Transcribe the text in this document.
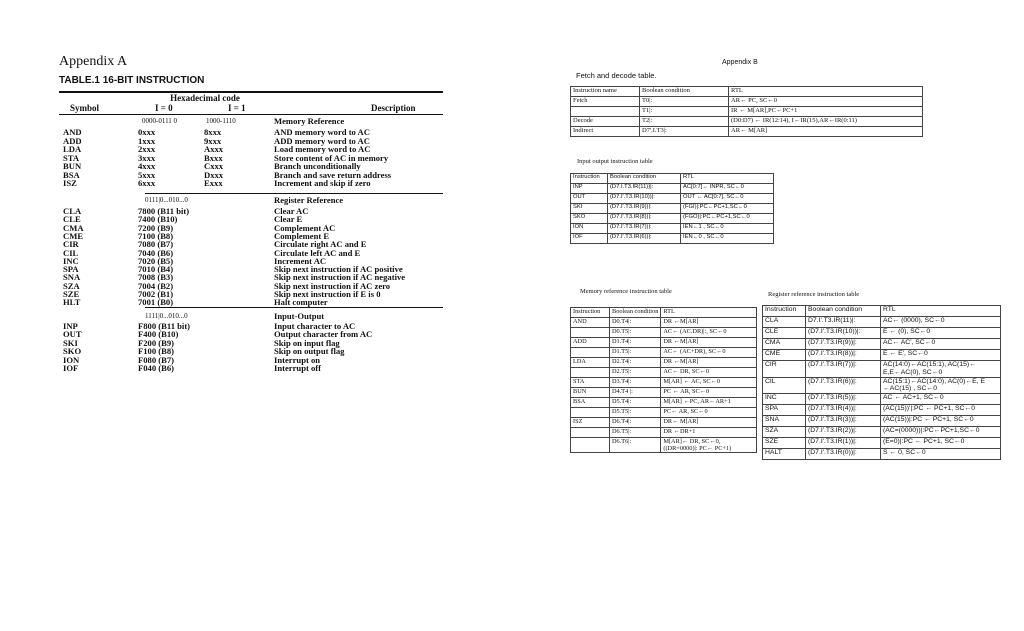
Appendix A
TABLE.1 16-BIT INSTRUCTION
Hexadecimal code
Symbol	I = 0	I = 1	Description
0000-0111 0	1000-1110	Memory Reference
AND	0xxx	8xxx	AND memory word to AC
ADD	1xxx	9xxx	ADD memory word to AC
LDA	2xxx	Axxx	Load memory word to AC
STA	3xxx	Bxxx	Store content of AC in memory
BUN	4xxx	Cxxx	Branch unconditionally
BSA	5xxx	Dxxx	Branch and save return address
ISZ	6xxx	Exxx	Increment and skip if zero
0111|0...010...0	Register Reference
CLA	7800 (B11 bit)	Clear AC
CLE	7400 (B10)	Clear E
CMA	7200 (B9)	Complement AC
CME	7100 (B8)	Complement E
CIR	7080 (B7)	Circulate right AC and E
CIL	7040 (B6)	Circulate left AC and E
INC	7020 (B5)	Increment AC
SPA	7010 (B4)	Skip next instruction if AC positive
SNA	7008 (B3)	Skip next instruction if AC negative
SZA	7004 (B2)	Skip next instruction if AC zero
SZE	7002 (B1)	Skip next instruction if E is 0
HLT	7001 (B0)	Halt computer
1111|0...010...0	Input-Output
INP	F800 (B11 bit)	Input character to AC
OUT	F400 (B10)	Output character from AC
SKI	F200 (B9)	Skip on input flag
SKO	F100 (B8)	Skip on output flag
ION	F080 (B7)	Interrupt on
IOF	F040 (B6)	Interrupt off
Appendix B
Fetch and decode table.
Instruction name	Boolean condition	RTL
Fetch	T0|:	AR← PC, SC←0
	T1|:	IR ← M[AR],PC←PC+1
Decode	T2|:	(D0:D7) ← IR(12:14), I←IR(15),AR←IR(0:11)
Indirect	D7'.I.T3|:	AR← M[AR]
Input output instruction table
Instruction	Boolean condition	RTL
INP	(D7.I.T3.IR(11))|:	AC[0:7]← INPR, SC←0
OUT	(D7.I'.T3.IR(10))|:	OUT ← AC[0:7], SC←0
SKI	(D7.I'.T3.IR(9))|:	(FGI)|:PC←PC+1,SC←0
SKO	(D7.I'.T3.IR(8))|:	(FGO)|:PC←PC+1,SC←0
ION	(D7.I'.T3.IR(7))|:	IEN←1 , SC←0
IOF	(D7.I'.T3.IR(6))|:	IEN←0 , SC←0
Memory reference instruction table
Instruction	Boolean condition	RTL
AND	D0.T4|:	DR ←M[AR]
	D0.T5|:	AC← (AC.DR)|:, SC←0
ADD	D1.T4|:	DR ←M[AR]
	D1.T5|:	AC← (AC+DR), SC←0
LDA	D2.T4|:	DR ←M[AR]
	D2.T5|:	AC← DR, SC←0
STA	D3.T4|:	M[AR] ← AC, SC←0
BUN	D4.T4 |:	PC ← AR, SC←0
BSA	D5.T4|:	M[AR] ←PC, AR←AR+1
	D5.T5|:	PC← AR, SC←0
ISZ	D6.T4|:	DR← M[AR]
	D6.T5|:	DR ←DR+1
	D6.T6|:	M[AR]← DR, SC←0, ((DR=0000)|: PC← PC+1)
Register reference instruction table
Instruction	Boolean condition	RTL
CLA	D7.I'.T3.IR(11)|:	AC← (0000), SC←0
CLE	(D7.I'.T3.IR(10))|:	E ← (0), SC←0
CMA	(D7.I'.T3.IR(9))|:	AC← AC', SC←0
CME	(D7.I'.T3.IR(8))|:	E ← E', SC←0
CIR	(D7.I'.T3.IR(7))|:	AC(14:0)←AC(15:1), AC(15)← E,E←AC(0), SC←0
CIL	(D7.I'.T3.IR(6))|:	AC(15:1)←AC(14:0), AC(0)←E, E ←AC(15) , SC←0
INC	(D7.I'.T3.IR(5))|:	AC ← AC+1, SC←0
SPA	(D7.I'.T3.IR(4))|:	(AC(15))'|:PC ← PC+1, SC←0
SNA	(D7.I'.T3.IR(3))|:	(AC(15))|:PC ← PC+1, SC←0
SZA	(D7.I'.T3.IR(2))|:	(AC=(0000))|:PC←PC+1,SC←0
SZE	(D7.I'.T3.IR(1))|:	(E=0)|:PC ← PC+1, SC←0
HALT	(D7.I'.T3.IR(0))|:	S ← 0, SC←0
